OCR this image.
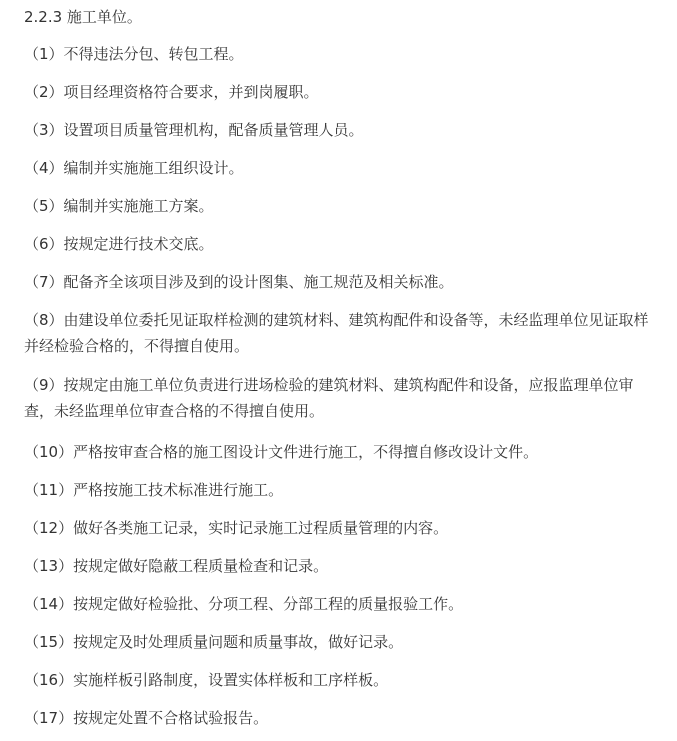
2.2.3 施工单位。
（1）不得违法分包、转包工程。
（2）项目经理资格符合要求，并到岗履职。
（3）设置项目质量管理机构，配备质量管理人员。
（4）编制并实施施工组织设计。
（5）编制并实施施工方案。
（6）按规定进行技术交底。
（7）配备齐全该项目涉及到的设计图集、施工规范及相关标准。
（8）由建设单位委托见证取样检测的建筑材料、建筑构配件和设备等，未经监理单位见证取样并经检验合格的，不得擅自使用。
（9）按规定由施工单位负责进行进场检验的建筑材料、建筑构配件和设备，应报监理单位审查，未经监理单位审查合格的不得擅自使用。
（10）严格按审查合格的施工图设计文件进行施工，不得擅自修改设计文件。
（11）严格按施工技术标准进行施工。
（12）做好各类施工记录，实时记录施工过程质量管理的内容。
（13）按规定做好隐蔽工程质量检查和记录。
（14）按规定做好检验批、分项工程、分部工程的质量报验工作。
（15）按规定及时处理质量问题和质量事故，做好记录。
（16）实施样板引路制度，设置实体样板和工序样板。
（17）按规定处置不合格试验报告。
